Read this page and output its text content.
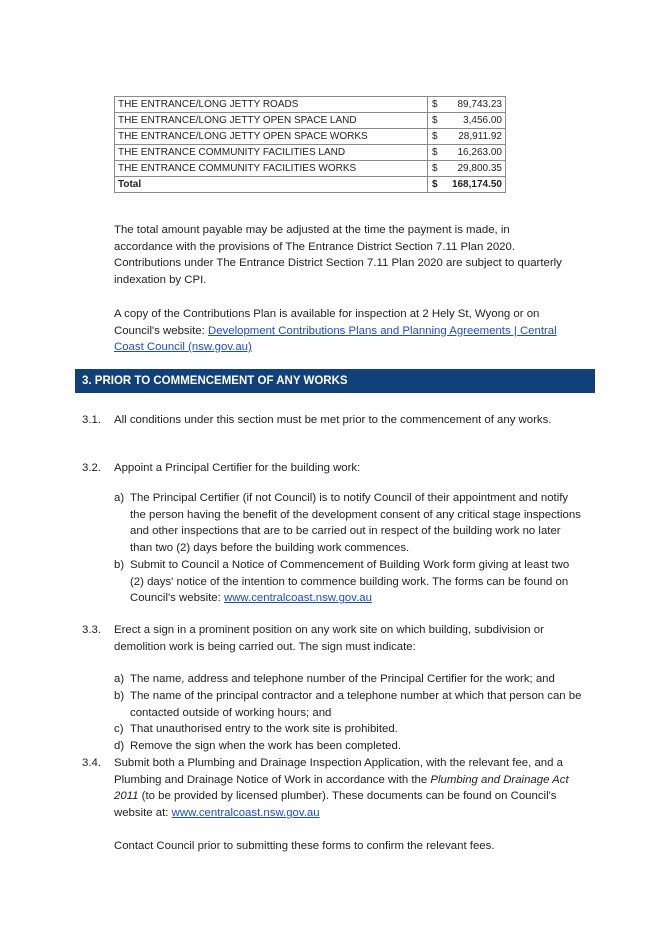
THE ENTRANCE/LONG JETTY ROADS	$ 89,743.23

THE ENTRANCE/LONG JETTY OPEN SPACE LAND	$ 3,456.00

THE ENTRANCE/LONG JETTY OPEN SPACE WORKS	$ 28,911.92

THE ENTRANCE COMMUNITY FACILITIES LAND	$ 16,263.00

THE ENTRANCE COMMUNITY FACILITIES WORKS	$ 29,800.35

Total	$ 168,174.50

The total amount payable may be adjusted at the time the payment is made, in accordance with the provisions of The Entrance District Section 7.11 Plan 2020. Contributions under The Entrance District Section 7.11 Plan 2020 are subject to quarterly indexation by CPI.

A copy of the Contributions Plan is available for inspection at 2 Hely St, Wyong or on Council's website: Development Contributions Plans and Planning Agreements | Central Coast Council (nsw.gov.au)

3. PRIOR TO COMMENCEMENT OF ANY WORKS
3.1. All conditions under this section must be met prior to the commencement of any works.

3.2. Appoint a Principal Certifier for the building work:

a) The Principal Certifier (if not Council) is to notify Council of their appointment and notify the person having the benefit of the development consent of any critical stage inspections and other inspections that are to be carried out in respect of the building work no later than two (2) days before the building work commences.
b) Submit to Council a Notice of Commencement of Building Work form giving at least two (2) days' notice of the intention to commence building work. The forms can be found on Council's website: www.centralcoast.nsw.gov.au
3.3. Erect a sign in a prominent position on any work site on which building, subdivision or demolition work is being carried out. The sign must indicate:

a) The name, address and telephone number of the Principal Certifier for the work; and
b) The name of the principal contractor and a telephone number at which that person can be contacted outside of working hours; and
c) That unauthorised entry to the work site is prohibited.
d) Remove the sign when the work has been completed.
3.4. Submit both a Plumbing and Drainage Inspection Application, with the relevant fee, and a Plumbing and Drainage Notice of Work in accordance with the Plumbing and Drainage Act 2011 (to be provided by licensed plumber). These documents can be found on Council's website at: www.centralcoast.nsw.gov.au

Contact Council prior to submitting these forms to confirm the relevant fees.
